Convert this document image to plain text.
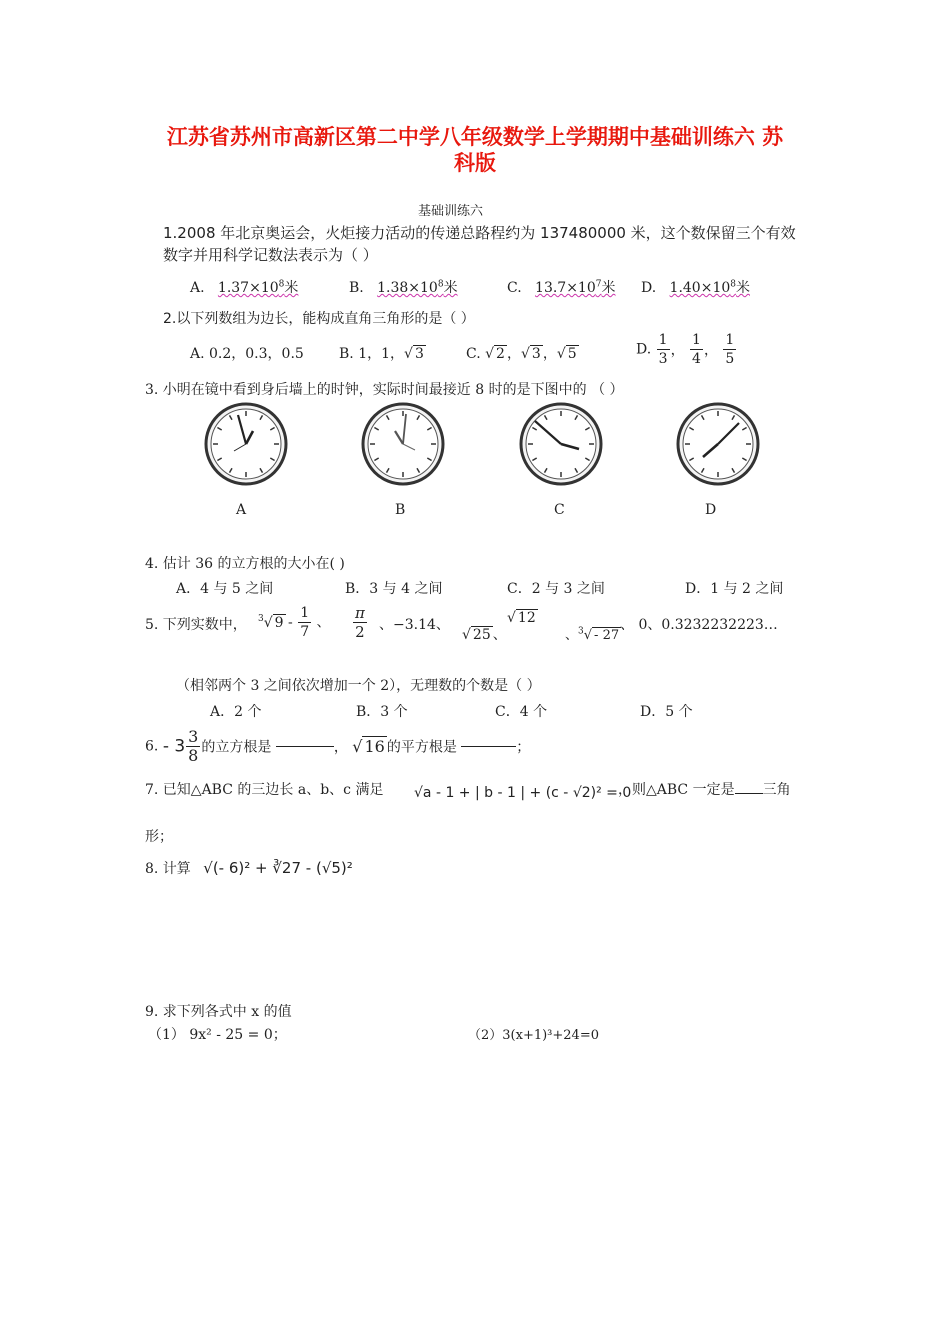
江苏省苏州市高新区第二中学八年级数学上学期期中基础训练六 苏
科版
基础训练六
1.2008 年北京奥运会，火炬接力活动的传递总路程约为 137480000 米，这个数保留三个有效
数字并用科学记数法表示为（ ）
A. $1.37\times 10^8$米	B. $1.38\times 10^8$米	C. $13.7\times 10^7$米 D. $1.40\times 10^8$米
2.以下列数组为边长，能构成直角三角形的是（ ）
A. 0.2，0.3，0.5	B. 1，1，√ 3	C. √ 2 ，√ 3 ，√ 5	D. $\frac{1}{3}$ ， $\frac{1}{4}$ ， $\frac{1}{5}$
3. 小明在镜中看到身后墙上的时钟，实际时间最接近 8 时的是下图中的 （ ）
A	B	C	D
4. 估计 36 的立方根的大小在( )
A．4 与 5 之间	B．3 与 4 之间	C．2 与 3 之间	D．1 与 2 之间
5. 下列实数中， $^3$√ $9 - \frac{1}{7}$ 、 $\frac{\pi}{2}$ 、−3.14、
√ 25 、
√ 12
、$^3$√ - 27
、 0、0.3232232223…
（相邻两个 3 之间依次增加一个 2），无理数的个数是（ ）
A．2 个	B．3 个	C．4 个	D．5 个
6. - $3 \frac{3}{8}$ 的立方根是	， √ 16 的平方根是	；
7. 已知△ABC 的三边长 a、b、c 满足 √a - 1 + | b - 1 | + (c - √2)² = 0
，则△ABC 一定是 三角
形；
8. 计算 √(- 6)² + ∛27 - (√5)²
9. 求下列各式中 x 的值
（1） 9x² - 25 = 0；	（2）3(x+1)³+24=0
